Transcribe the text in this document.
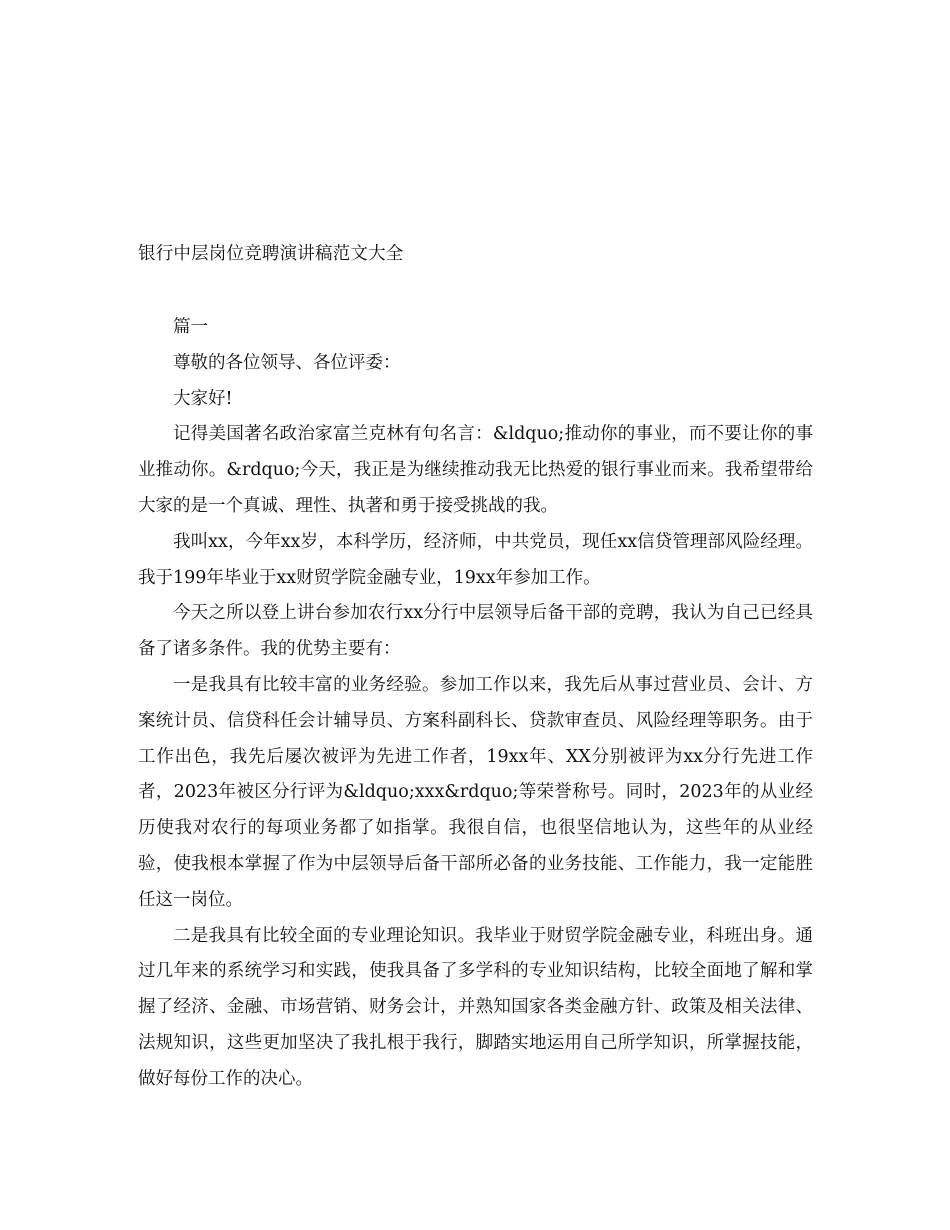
银行中层岗位竞聘演讲稿范文大全

篇一

尊敬的各位领导、各位评委：

大家好!

记得美国著名政治家富兰克林有句名言：&ldquo;推动你的事业，而不要让你的事业推动你。&rdquo;今天，我正是为继续推动我无比热爱的银行事业而来。我希望带给大家的是一个真诚、理性、执著和勇于接受挑战的我。

我叫xx，今年xx岁，本科学历，经济师，中共党员，现任xx信贷管理部风险经理。我于199年毕业于xx财贸学院金融专业，19xx年参加工作。

今天之所以登上讲台参加农行xx分行中层领导后备干部的竞聘，我认为自己已经具备了诸多条件。我的优势主要有：

一是我具有比较丰富的业务经验。参加工作以来，我先后从事过营业员、会计、方案统计员、信贷科任会计辅导员、方案科副科长、贷款审查员、风险经理等职务。由于工作出色，我先后屡次被评为先进工作者，19xx年、XX分别被评为xx分行先进工作者，2023年被区分行评为&ldquo;xxx&rdquo;等荣誉称号。同时，2023年的从业经历使我对农行的每项业务都了如指掌。我很自信，也很坚信地认为，这些年的从业经验，使我根本掌握了作为中层领导后备干部所必备的业务技能、工作能力，我一定能胜任这一岗位。

二是我具有比较全面的专业理论知识。我毕业于财贸学院金融专业，科班出身。通过几年来的系统学习和实践，使我具备了多学科的专业知识结构，比较全面地了解和掌握了经济、金融、市场营销、财务会计，并熟知国家各类金融方针、政策及相关法律、法规知识，这些更加坚决了我扎根于我行，脚踏实地运用自己所学知识，所掌握技能，做好每份工作的决心。
